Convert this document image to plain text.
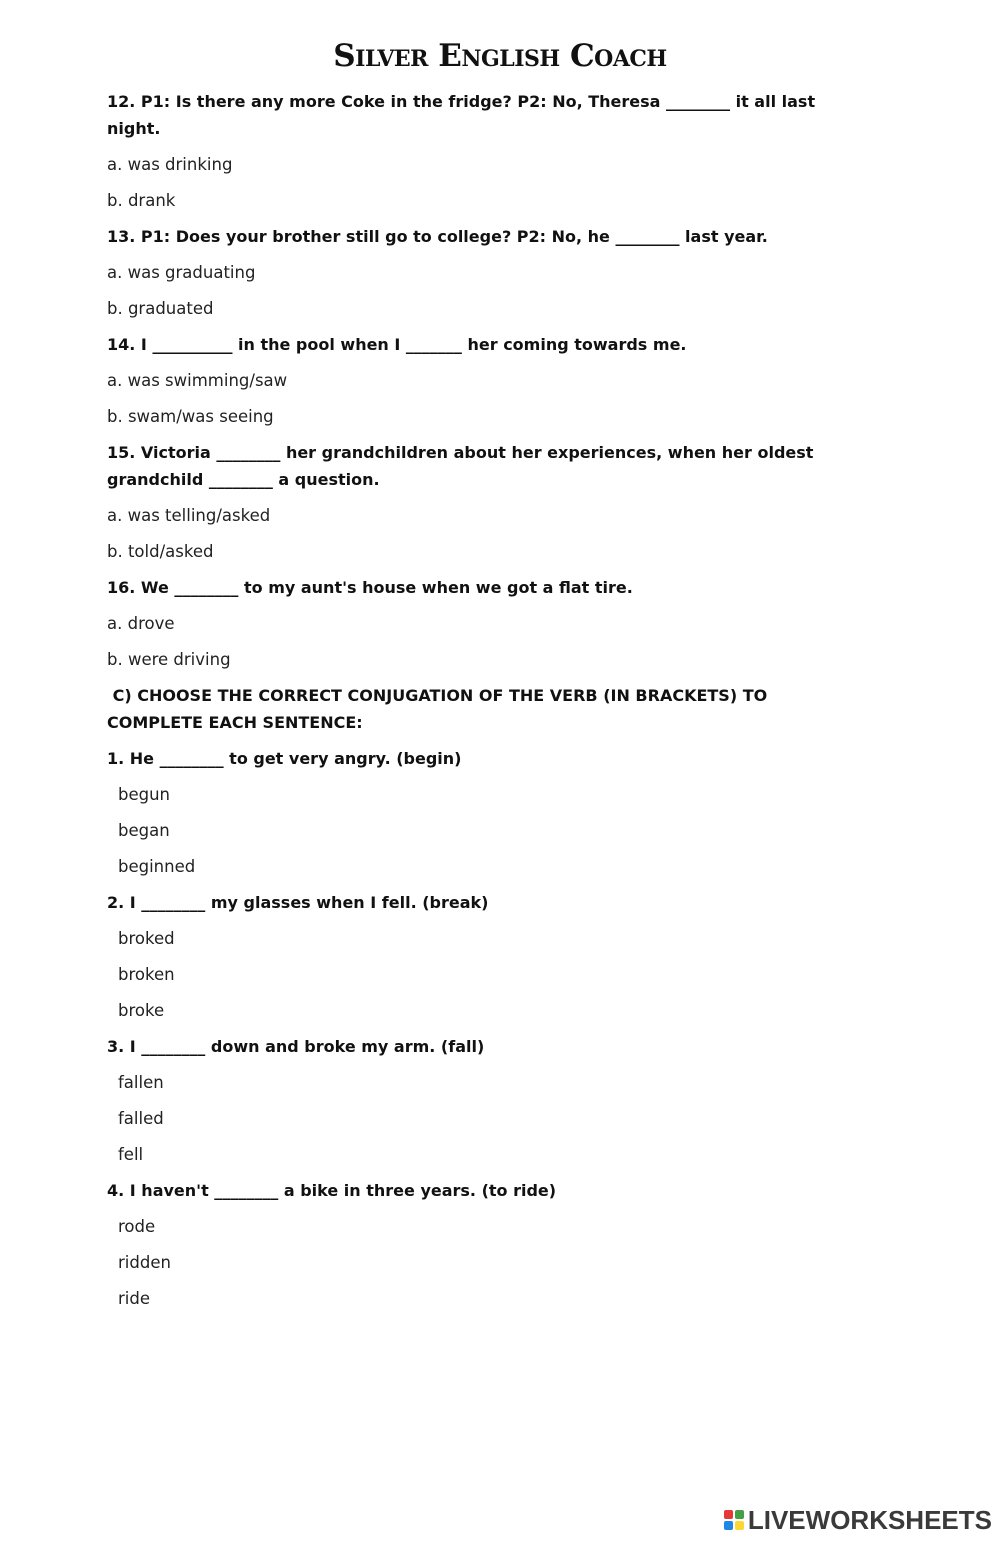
Silver English Coach

12. P1: Is there any more Coke in the fridge? P2: No, Theresa ________ it all last night.

a. was drinking

b. drank

13. P1: Does your brother still go to college? P2: No, he ________ last year.

a. was graduating

b. graduated

14. I __________ in the pool when I _______ her coming towards me.

a. was swimming/saw

b. swam/was seeing

15. Victoria ________ her grandchildren about her experiences, when her oldest grandchild ________ a question.

a. was telling/asked

b. told/asked

16. We ________ to my aunt's house when we got a flat tire.

a. drove

b. were driving

C) CHOOSE THE CORRECT CONJUGATION OF THE VERB (IN BRACKETS) TO COMPLETE EACH SENTENCE:

1. He ________ to get very angry. (begin)

begun

began

beginned

2. I ________ my glasses when I fell. (break)

broked

broken

broke

3. I ________ down and broke my arm. (fall)

fallen

falled

fell

4. I haven't ________ a bike in three years. (to ride)

rode

ridden

ride

LIVEWORKSHEETS
